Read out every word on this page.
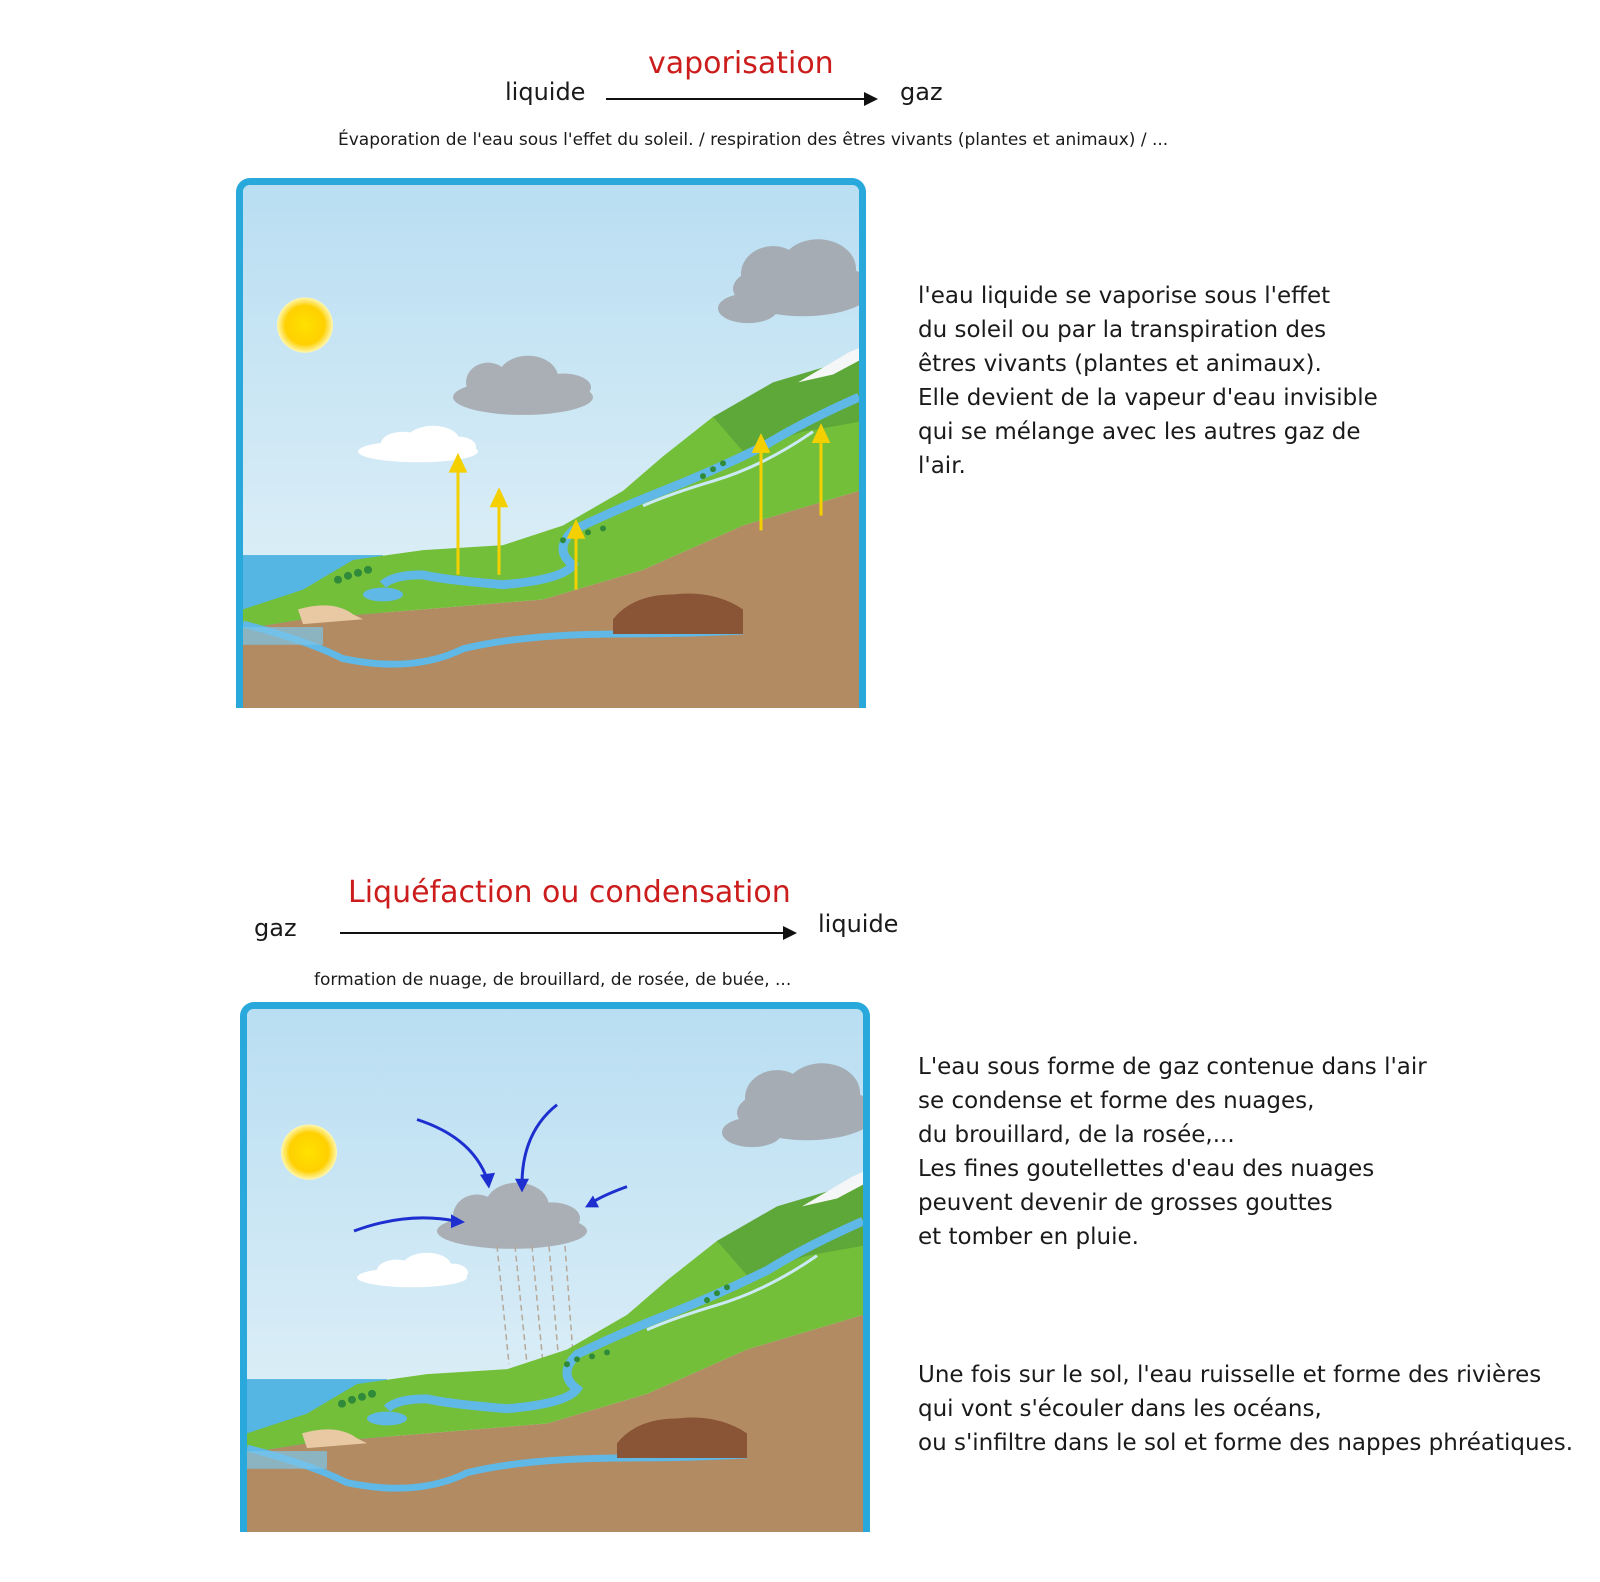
vaporisation
liquide	gaz
Évaporation de l'eau sous l'effet du soleil. / respiration des êtres vivants (plantes et animaux) / ...
l'eau liquide se vaporise sous l'effet
du soleil ou par la transpiration des
êtres vivants (plantes et animaux).
Elle devient de la vapeur d'eau invisible
qui se mélange avec les autres gaz de
l'air.
Liquéfaction ou condensation
gaz	liquide
formation de nuage, de brouillard, de rosée, de buée, ...
L'eau sous forme de gaz contenue dans l'air
se condense et forme des nuages,
du brouillard, de la rosée,...
Les fines goutellettes d'eau des nuages
peuvent devenir de grosses gouttes
et tomber en pluie.
Une fois sur le sol, l'eau ruisselle et forme des rivières
qui vont s'écouler dans les océans,
ou s'infiltre dans le sol et forme des nappes phréatiques.
